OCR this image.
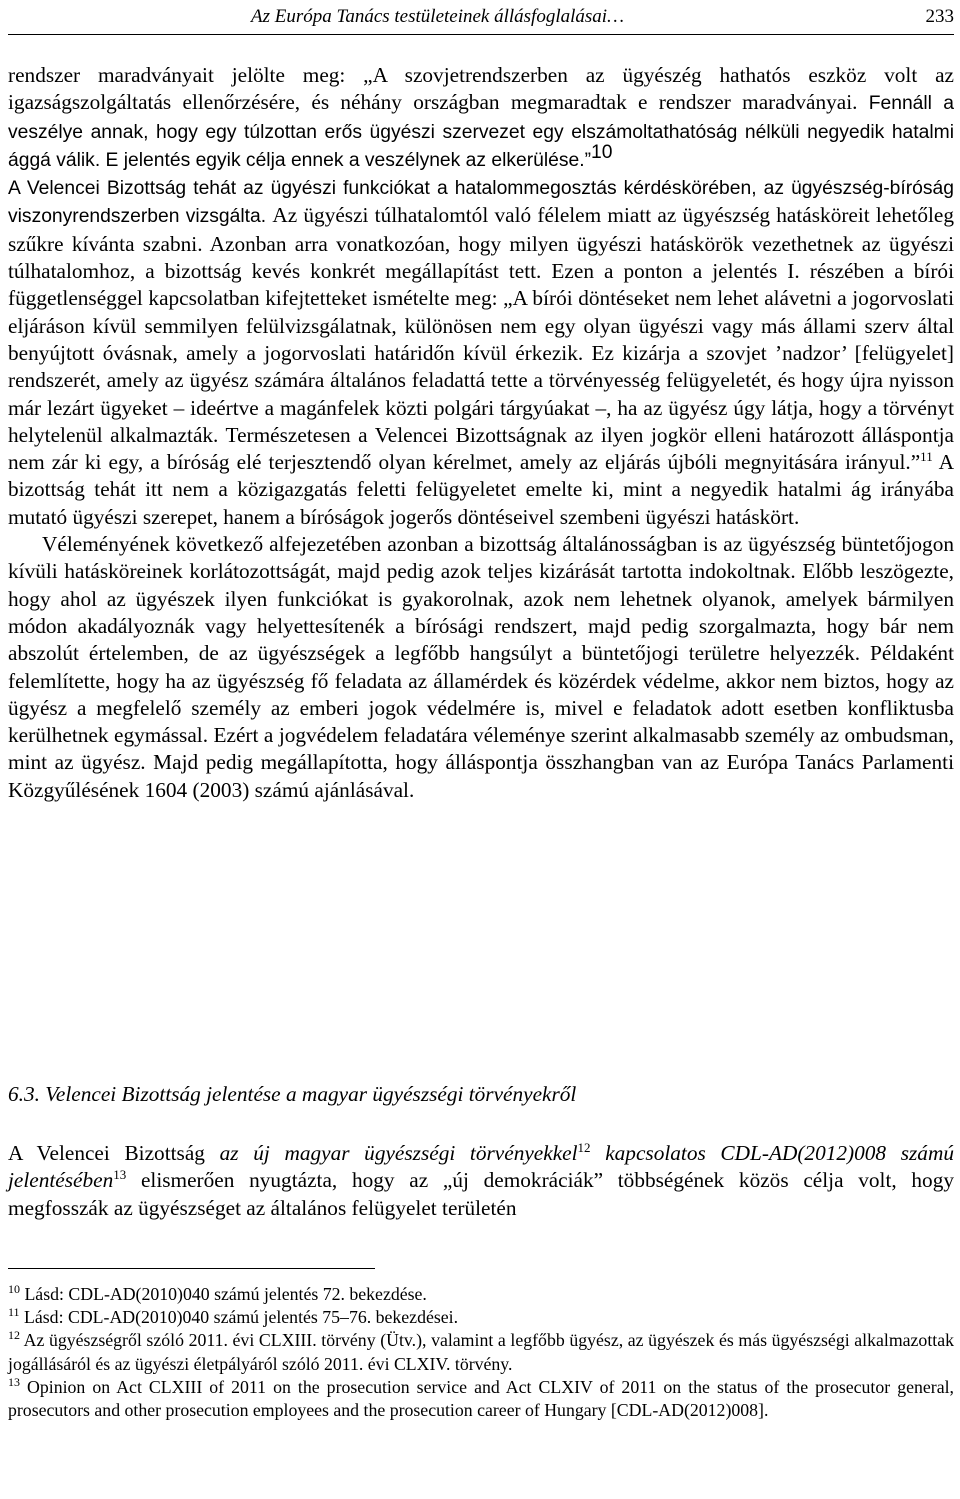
Az Európa Tanács testületeinek állásfoglalásai…	233

rendszer maradványait jelölte meg: „A szovjetrendszerben az ügyészég hathatós eszköz volt az igazságszolgáltatás ellenőrzésére, és néhány országban megmaradtak e rendszer maradványai. Fennáll a veszélye annak, hogy egy túlzottan erős ügyészi szervezet egy elszámoltathatóság nélküli negyedik hatalmi ággá válik. E jelentés egyik célja ennek a veszélynek az elkerülése.”$^{10}$
A Velencei Bizottság tehát az ügyészi funkciókat a hatalommegosztás kérdéskörében, az ügyészség-bíróság viszonyrendszerben vizsgálta. Az ügyészi túlhatalomtól való félelem miatt az ügyészség hatásköreit lehetőleg szűkre kívánta szabni. Azonban arra vonatkozóan, hogy milyen ügyészi hatáskörök vezethetnek az ügyészi túlhatalomhoz, a bizottság kevés konkrét megállapítást tett. Ezen a ponton a jelentés I. részében a bírói függetlenséggel kapcsolatban kifejtetteket ismételte meg: „A bírói döntéseket nem lehet alávetni a jogorvoslati eljáráson kívül semmilyen felülvizsgálatnak, különösen nem egy olyan ügyészi vagy más állami szerv által benyújtott óvásnak, amely a jogorvoslati határidőn kívül érkezik. Ez kizárja a szovjet ’nadzor’ [felügyelet] rendszerét, amely az ügyész számára általános feladattá tette a törvényesség felügyeletét, és hogy újra nyisson már lezárt ügyeket – ideértve a magánfelek közti polgári tárgyúakat –, ha az ügyész úgy látja, hogy a törvényt helytelenül alkalmazták. Természetesen a Velencei Bizottságnak az ilyen jogkör elleni határozott álláspontja nem zár ki egy, a bíróság elé terjesztendő olyan kérelmet, amely az eljárás újbóli megnyitására irányul.”$^{11}$ A bizottság tehát itt nem a közigazgatás feletti felügyeletet emelte ki, mint a negyedik hatalmi ág irányába mutató ügyészi szerepet, hanem a bíróságok jogerős döntéseivel szembeni ügyészi hatáskört.

Véleményének következő alfejezetében azonban a bizottság általánosságban is az ügyészség büntetőjogon kívüli hatásköreinek korlátozottságát, majd pedig azok teljes kizárását tartotta indokoltnak. Előbb leszögezte, hogy ahol az ügyészek ilyen funkciókat is gyakorolnak, azok nem lehetnek olyanok, amelyek bármilyen módon akadályoznák vagy helyettesítenék a bírósági rendszert, majd pedig szorgalmazta, hogy bár nem abszolút értelemben, de az ügyészségek a legfőbb hangsúlyt a büntetőjogi területre helyezzék. Példaként felemlítette, hogy ha az ügyészség fő feladata az államérdek és közérdek védelme, akkor nem biztos, hogy az ügyész a megfelelő személy az emberi jogok védelmére is, mivel e feladatok adott esetben konfliktusba kerülhetnek egymással. Ezért a jogvédelem feladatára véleménye szerint alkalmasabb személy az ombudsman, mint az ügyész. Majd pedig megállapította, hogy álláspontja összhangban van az Európa Tanács Parlamenti Közgyűlésének 1604 (2003) számú ajánlásával.

6.3. Velencei Bizottság jelentése a magyar ügyészségi törvényekről

A Velencei Bizottság az új magyar ügyészségi törvényekkel$^{12}$ kapcsolatos CDL-AD(2012)008 számú jelentésében$^{13}$ elismerően nyugtázta, hogy az „új demokráciák” többségének közös célja volt, hogy megfosszák az ügyészséget az általános felügyelet területén

$^{10}$ Lásd: CDL-AD(2010)040 számú jelentés 72. bekezdése.

$^{11}$ Lásd: CDL-AD(2010)040 számú jelentés 75–76. bekezdései.

$^{12}$ Az ügyészségről szóló 2011. évi CLXIII. törvény (Ütv.), valamint a legfőbb ügyész, az ügyészek és más ügyészségi alkalmazottak jogállásáról és az ügyészi életpályáról szóló 2011. évi CLXIV. törvény.

$^{13}$ Opinion on Act CLXIII of 2011 on the prosecution service and Act CLXIV of 2011 on the status of the prosecutor general, prosecutors and other prosecution employees and the prosecution career of Hungary [CDL-AD(2012)008].
